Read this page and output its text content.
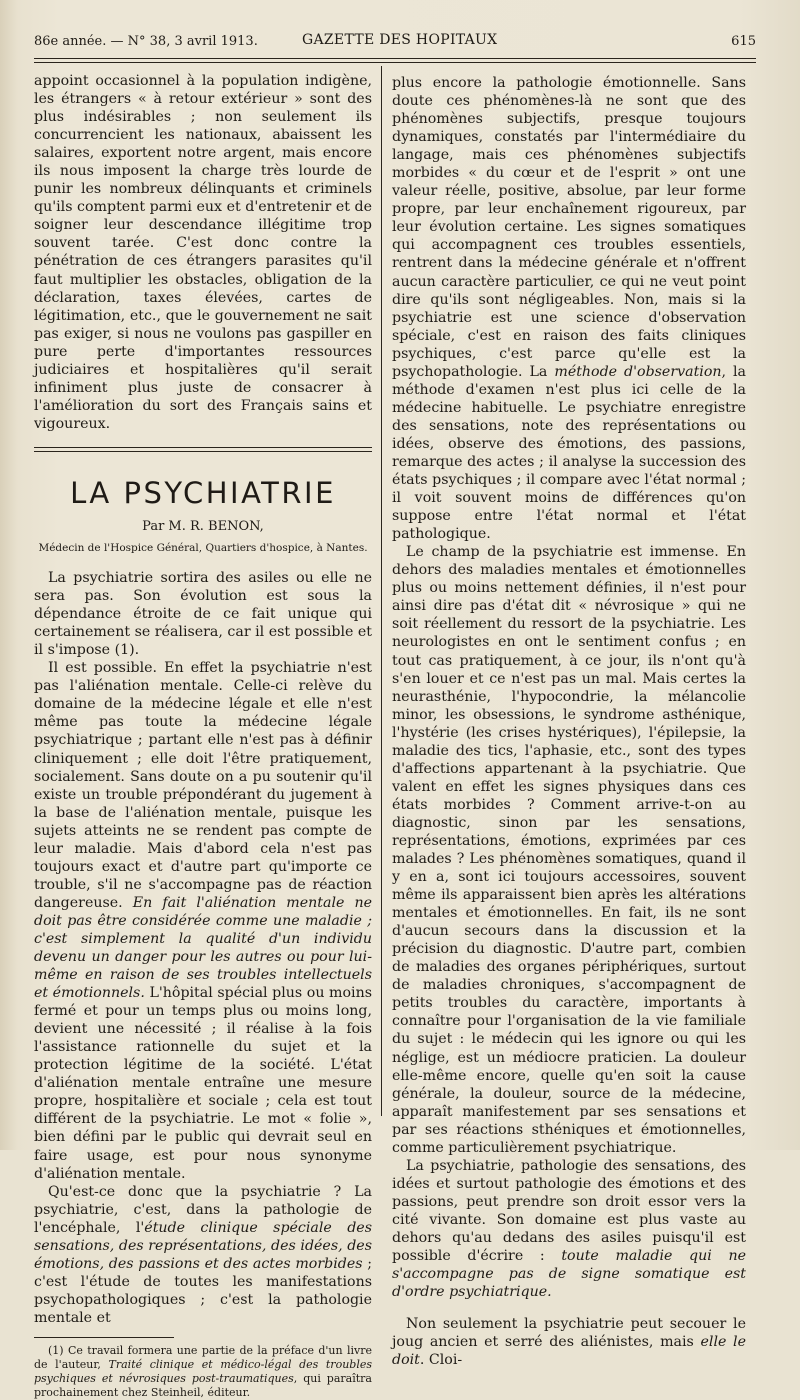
86e année. — N° 38, 3 avril 1913.	GAZETTE DES HOPITAUX	615

appoint occasionnel à la population indigène, les étrangers « à retour extérieur » sont des plus indésirables ; non seulement ils concurrencient les nationaux, abaissent les salaires, exportent notre argent, mais encore ils nous imposent la charge très lourde de punir les nombreux délinquants et criminels qu'ils comptent parmi eux et d'entretenir et de soigner leur descendance illégitime trop souvent tarée. C'est donc contre la pénétration de ces étrangers parasites qu'il faut multiplier les obstacles, obligation de la déclaration, taxes élevées, cartes de légitimation, etc., que le gouvernement ne sait pas exiger, si nous ne voulons pas gaspiller en pure perte d'importantes ressources judiciaires et hospitalières qu'il serait infiniment plus juste de consacrer à l'amélioration du sort des Français sains et vigoureux.

LA PSYCHIATRIE

Par M. R. BENON,

Médecin de l'Hospice Général, Quartiers d'hospice, à Nantes.

La psychiatrie sortira des asiles ou elle ne sera pas. Son évolution est sous la dépendance étroite de ce fait unique qui certainement se réalisera, car il est possible et il s'impose (1).

Il est possible. En effet la psychiatrie n'est pas l'aliénation mentale. Celle-ci relève du domaine de la médecine légale et elle n'est même pas toute la médecine légale psychiatrique ; partant elle n'est pas à définir cliniquement ; elle doit l'être pratiquement, socialement. Sans doute on a pu soutenir qu'il existe un trouble prépondérant du jugement à la base de l'aliénation mentale, puisque les sujets atteints ne se rendent pas compte de leur maladie. Mais d'abord cela n'est pas toujours exact et d'autre part qu'importe ce trouble, s'il ne s'accompagne pas de réaction dangereuse. En fait l'aliénation mentale ne doit pas être considérée comme une maladie ; c'est simplement la qualité d'un individu devenu un danger pour les autres ou pour lui-même en raison de ses troubles intellectuels et émotionnels. L'hôpital spécial plus ou moins fermé et pour un temps plus ou moins long, devient une nécessité ; il réalise à la fois l'assistance rationnelle du sujet et la protection légitime de la société. L'état d'aliénation mentale entraîne une mesure propre, hospitalière et sociale ; cela est tout différent de la psychiatrie. Le mot « folie », bien défini par le public qui devrait seul en faire usage, est pour nous synonyme d'aliénation mentale.

Qu'est-ce donc que la psychiatrie ? La psychiatrie, c'est, dans la pathologie de l'encéphale, l'étude clinique spéciale des sensations, des représentations, des idées, des émotions, des passions et des actes morbides ; c'est l'étude de toutes les manifestations psychopathologiques ; c'est la pathologie mentale et

(1) Ce travail formera une partie de la préface d'un livre de l'auteur, Traité clinique et médico-légal des troubles psychiques et névrosiques post-traumatiques, qui paraîtra prochainement chez Steinheil, éditeur.

plus encore la pathologie émotionnelle. Sans doute ces phénomènes-là ne sont que des phénomènes subjectifs, presque toujours dynamiques, constatés par l'intermédiaire du langage, mais ces phénomènes subjectifs morbides « du cœur et de l'esprit » ont une valeur réelle, positive, absolue, par leur forme propre, par leur enchaînement rigoureux, par leur évolution certaine. Les signes somatiques qui accompagnent ces troubles essentiels, rentrent dans la médecine générale et n'offrent aucun caractère particulier, ce qui ne veut point dire qu'ils sont négligeables. Non, mais si la psychiatrie est une science d'observation spéciale, c'est en raison des faits cliniques psychiques, c'est parce qu'elle est la psychopathologie. La méthode d'observation, la méthode d'examen n'est plus ici celle de la médecine habituelle. Le psychiatre enregistre des sensations, note des représentations ou idées, observe des émotions, des passions, remarque des actes ; il analyse la succession des états psychiques ; il compare avec l'état normal ; il voit souvent moins de différences qu'on suppose entre l'état normal et l'état pathologique.

Le champ de la psychiatrie est immense. En dehors des maladies mentales et émotionnelles plus ou moins nettement définies, il n'est pour ainsi dire pas d'état dit « névrosique » qui ne soit réellement du ressort de la psychiatrie. Les neurologistes en ont le sentiment confus ; en tout cas pratiquement, à ce jour, ils n'ont qu'à s'en louer et ce n'est pas un mal. Mais certes la neurasthénie, l'hypocondrie, la mélancolie minor, les obsessions, le syndrome asthénique, l'hystérie (les crises hystériques), l'épilepsie, la maladie des tics, l'aphasie, etc., sont des types d'affections appartenant à la psychiatrie. Que valent en effet les signes physiques dans ces états morbides ? Comment arrive-t-on au diagnostic, sinon par les sensations, représentations, émotions, exprimées par ces malades ? Les phénomènes somatiques, quand il y en a, sont ici toujours accessoires, souvent même ils apparaissent bien après les altérations mentales et émotionnelles. En fait, ils ne sont d'aucun secours dans la discussion et la précision du diagnostic. D'autre part, combien de maladies des organes périphériques, surtout de maladies chroniques, s'accompagnent de petits troubles du caractère, importants à connaître pour l'organisation de la vie familiale du sujet : le médecin qui les ignore ou qui les néglige, est un médiocre praticien. La douleur elle-même encore, quelle qu'en soit la cause générale, la douleur, source de la médecine, apparaît manifestement par ses sensations et par ses réactions sthéniques et émotionnelles, comme particulièrement psychiatrique.

La psychiatrie, pathologie des sensations, des idées et surtout pathologie des émotions et des passions, peut prendre son droit essor vers la cité vivante. Son domaine est plus vaste au dehors qu'au dedans des asiles puisqu'il est possible d'écrire : toute maladie qui ne s'accompagne pas de signe somatique est d'ordre psychiatrique.

Non seulement la psychiatrie peut secouer le joug ancien et serré des aliénistes, mais elle le doit. Cloi-
